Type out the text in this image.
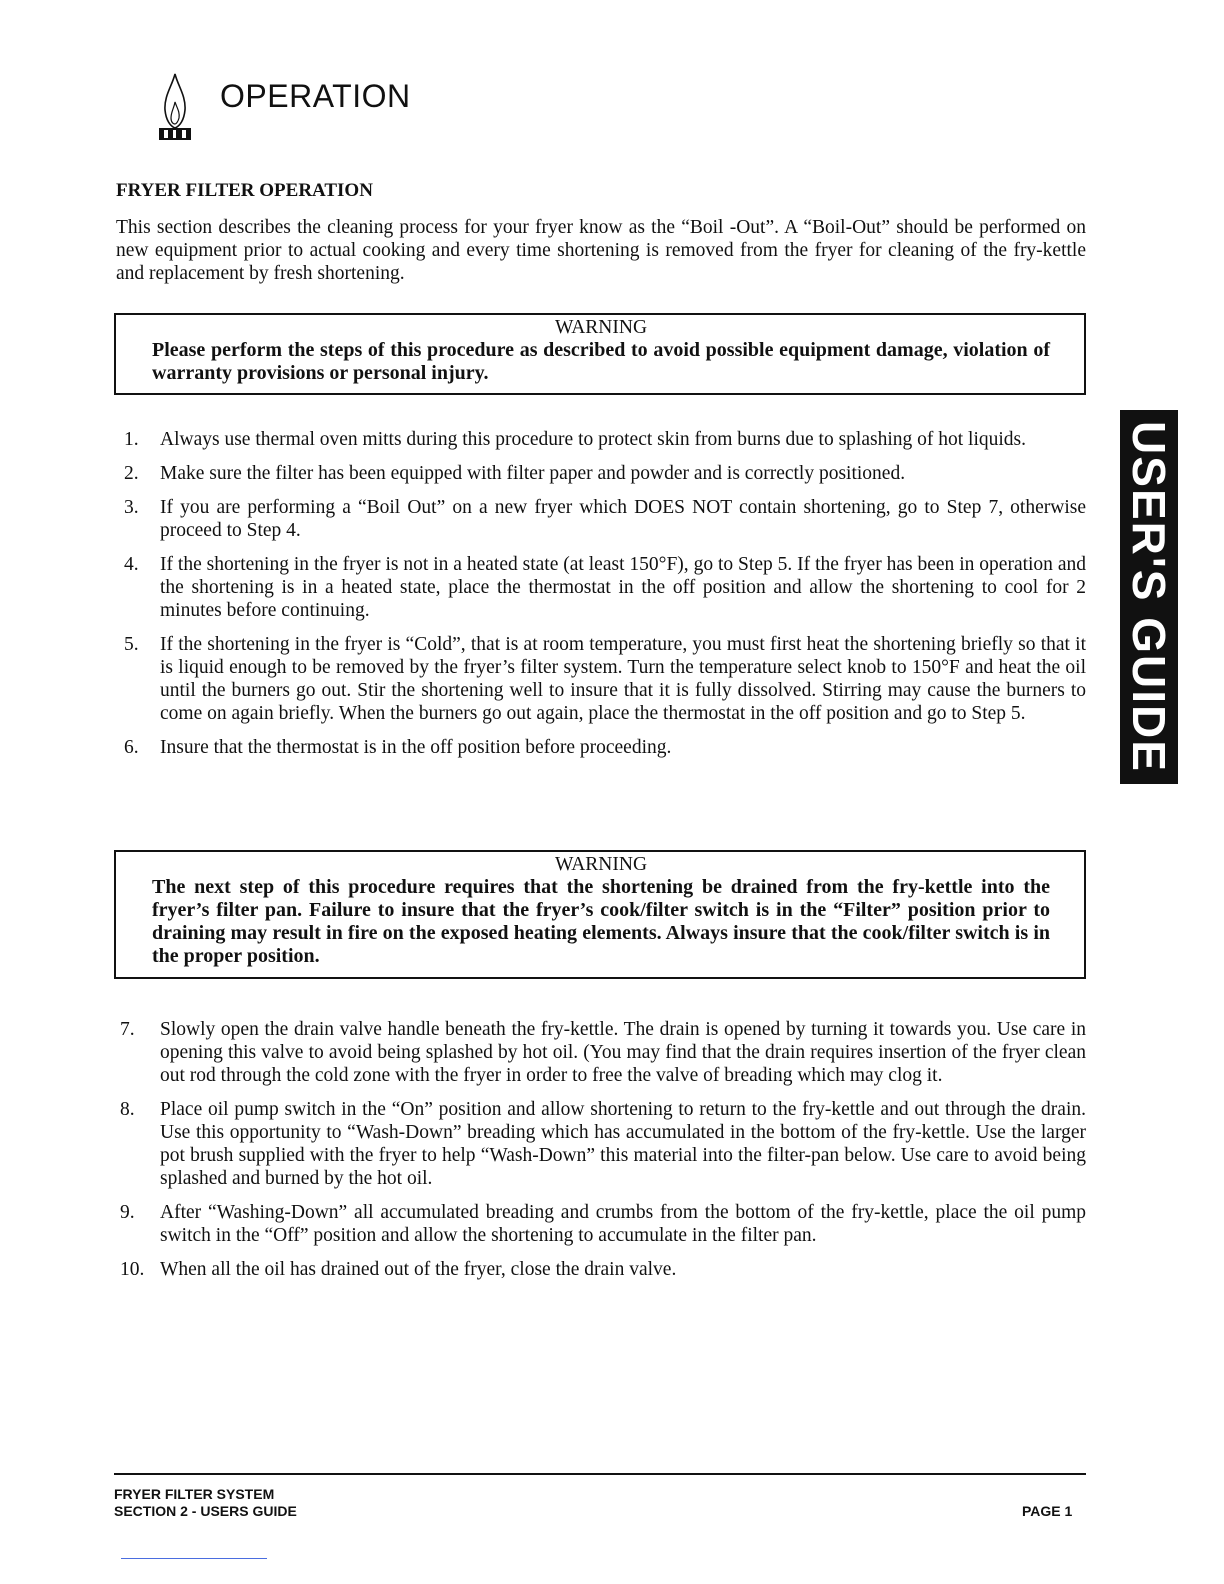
OPERATION
FRYER FILTER OPERATION

This section describes the cleaning process for your fryer know as the “Boil -Out”. A “Boil-Out” should be performed on new equipment prior to actual cooking and every time shortening is removed from the fryer for cleaning of the fry-kettle and replacement by fresh shortening.

WARNING

Please perform the steps of this procedure as described to avoid possible equipment damage, violation of warranty provisions or personal injury.

1.	Always use thermal oven mitts during this procedure to protect skin from burns due to splashing of hot liquids.
2.	Make sure the filter has been equipped with filter paper and powder and is correctly positioned.
3.	If you are performing a “Boil Out” on a new fryer which DOES NOT contain shortening, go to Step 7, otherwise proceed to Step 4.
4.	If the shortening in the fryer is not in a heated state (at least 150°F), go to Step 5. If the fryer has been in operation and the shortening is in a heated state, place the thermostat in the off position and allow the shortening to cool for 2 minutes before continuing.
5.	If the shortening in the fryer is “Cold”, that is at room temperature, you must first heat the shortening briefly so that it is liquid enough to be removed by the fryer’s filter system. Turn the temperature select knob to 150°F and heat the oil until the burners go out. Stir the shortening well to insure that it is fully dissolved. Stirring may cause the burners to come on again briefly. When the burners go out again, place the thermostat in the off position and go to Step 5.
6.	Insure that the thermostat is in the off position before proceeding.
WARNING

The next step of this procedure requires that the shortening be drained from the fry-kettle into the fryer’s filter pan. Failure to insure that the fryer’s cook/filter switch is in the “Filter” position prior to draining may result in fire on the exposed heating elements. Always insure that the cook/filter switch is in the proper position.

7.	Slowly open the drain valve handle beneath the fry-kettle. The drain is opened by turning it towards you. Use care in opening this valve to avoid being splashed by hot oil. (You may find that the drain requires insertion of the fryer clean out rod through the cold zone with the fryer in order to free the valve of breading which may clog it.
8.	Place oil pump switch in the “On” position and allow shortening to return to the fry-kettle and out through the drain. Use this opportunity to “Wash-Down” breading which has accumulated in the bottom of the fry-kettle. Use the larger pot brush supplied with the fryer to help “Wash-Down” this material into the filter-pan below. Use care to avoid being splashed and burned by the hot oil.
9.	After “Washing-Down” all accumulated breading and crumbs from the bottom of the fry-kettle, place the oil pump switch in the “Off” position and allow the shortening to accumulate in the filter pan.
10. When all the oil has drained out of the fryer, close the drain valve.
USER'S GUIDE
FRYER FILTER SYSTEM
SECTION 2 - USERS GUIDE	PAGE 1
